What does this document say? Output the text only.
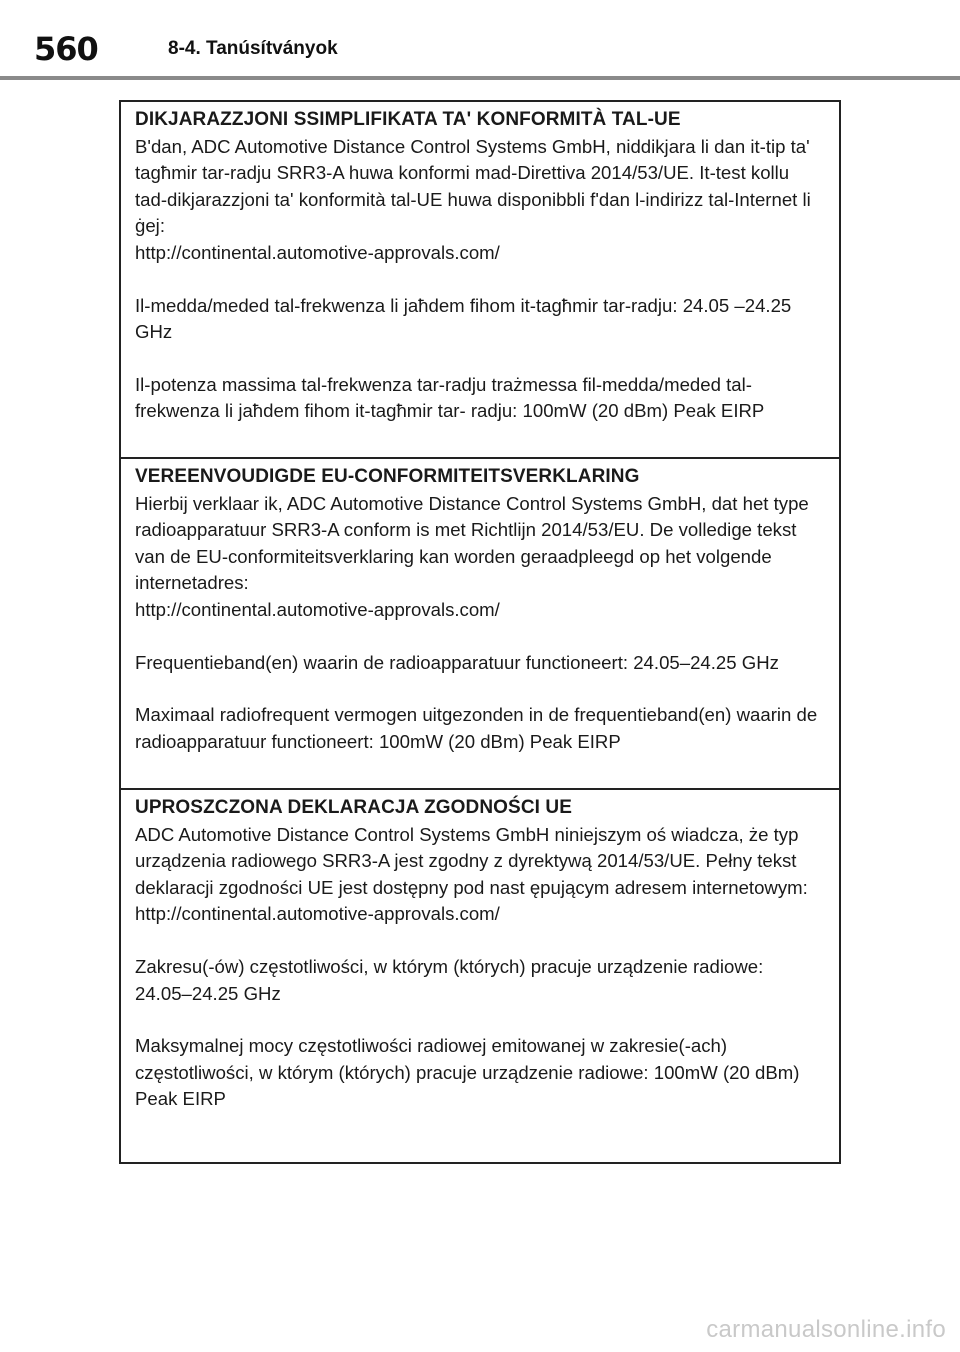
560	8-4. Tanúsítványok
DIKJARAZZJONI SSIMPLIFIKATA TA' KONFORMITÀ TAL-UE

B'dan, ADC Automotive Distance Control Systems GmbH, niddikjara li dan it-tip ta' tagħmir tar-radju SRR3-A huwa konformi mad-Direttiva 2014/53/UE. It-test kollu tad-dikjarazzjoni ta' konformità tal-UE huwa disponibbli f'dan l-indirizz tal-Internet li ġej:
http://continental.automotive-approvals.com/

Il-medda/meded tal-frekwenza li jaħdem fihom it-tagħmir tar-radju: 24.05 –24.25 GHz

Il-potenza massima tal-frekwenza tar-radju trażmessa fil-medda/meded tal-frekwenza li jaħdem fihom it-tagħmir tar- radju: 100mW (20 dBm) Peak EIRP

VEREENVOUDIGDE EU-CONFORMITEITSVERKLARING

Hierbij verklaar ik, ADC Automotive Distance Control Systems GmbH, dat het type radioapparatuur SRR3-A conform is met Richtlijn 2014/53/EU. De volledige tekst van de EU-conformiteitsverklaring kan worden geraadpleegd op het volgende internetadres:
http://continental.automotive-approvals.com/

Frequentieband(en) waarin de radioapparatuur functioneert: 24.05–24.25 GHz

Maximaal radiofrequent vermogen uitgezonden in de frequentieband(en) waarin de radioapparatuur functioneert: 100mW (20 dBm) Peak EIRP

UPROSZCZONA DEKLARACJA ZGODNOŚCI UE

ADC Automotive Distance Control Systems GmbH niniejszym oś wiadcza, że typ urządzenia radiowego SRR3-A jest zgodny z dyrektywą 2014/53/UE. Pełny tekst deklaracji zgodności UE jest dostępny pod nast ępującym adresem internetowym:
http://continental.automotive-approvals.com/

Zakresu(-ów) częstotliwości, w którym (których) pracuje urządzenie radiowe: 24.05–24.25 GHz

Maksymalnej mocy częstotliwości radiowej emitowanej w zakresie(-ach) częstotliwości, w którym (których) pracuje urządzenie radiowe: 100mW (20 dBm) Peak EIRP

carmanualsonline.info
